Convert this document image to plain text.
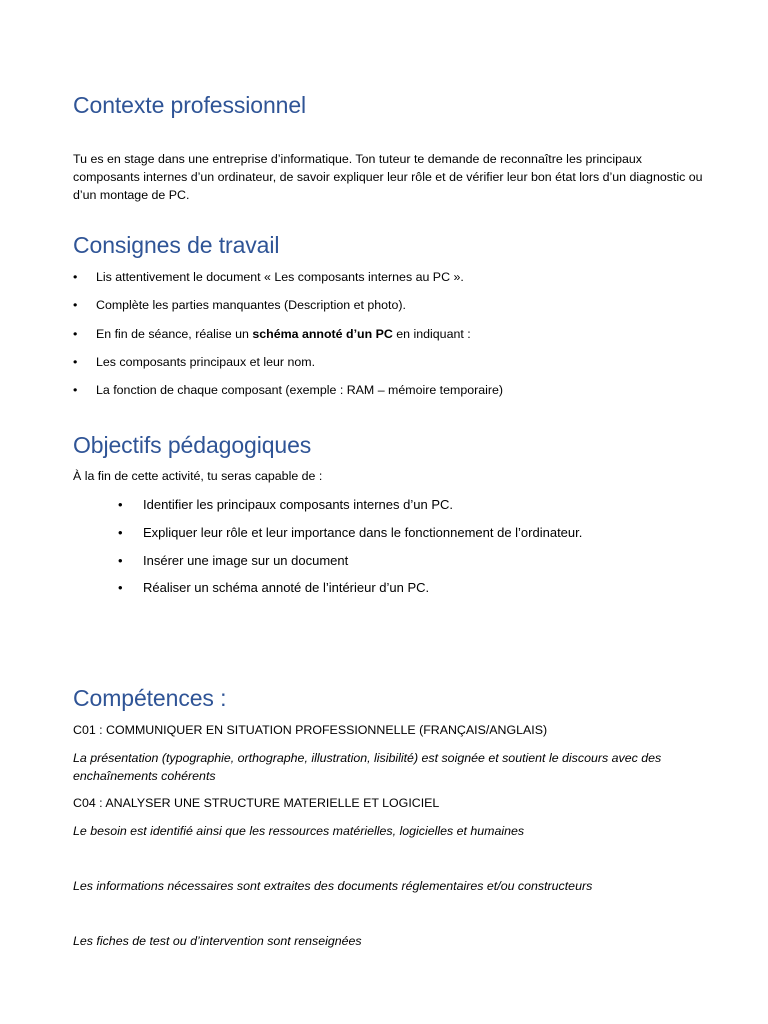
Contexte professionnel

Tu es en stage dans une entreprise d’informatique. Ton tuteur te demande de reconnaître les principaux composants internes d’un ordinateur, de savoir expliquer leur rôle et de vérifier leur bon état lors d’un diagnostic ou d’un montage de PC.

Consignes de travail
• Lis attentivement le document « Les composants internes au PC ».
• Complète les parties manquantes (Description et photo).
• En fin de séance, réalise un schéma annoté d’un PC en indiquant :
• Les composants principaux et leur nom.
• La fonction de chaque composant (exemple : RAM – mémoire temporaire)
Objectifs pédagogiques

À la fin de cette activité, tu seras capable de :

• Identifier les principaux composants internes d’un PC.
• Expliquer leur rôle et leur importance dans le fonctionnement de l’ordinateur.
• Insérer une image sur un document
• Réaliser un schéma annoté de l’intérieur d’un PC.
Compétences :

C01 : COMMUNIQUER EN SITUATION PROFESSIONNELLE (FRANÇAIS/ANGLAIS)

La présentation (typographie, orthographe, illustration, lisibilité) est soignée et soutient le discours avec des enchaînements cohérents

C04 : ANALYSER UNE STRUCTURE MATERIELLE ET LOGICIEL

Le besoin est identifié ainsi que les ressources matérielles, logicielles et humaines

Les informations nécessaires sont extraites des documents réglementaires et/ou constructeurs

Les fiches de test ou d’intervention sont renseignées
